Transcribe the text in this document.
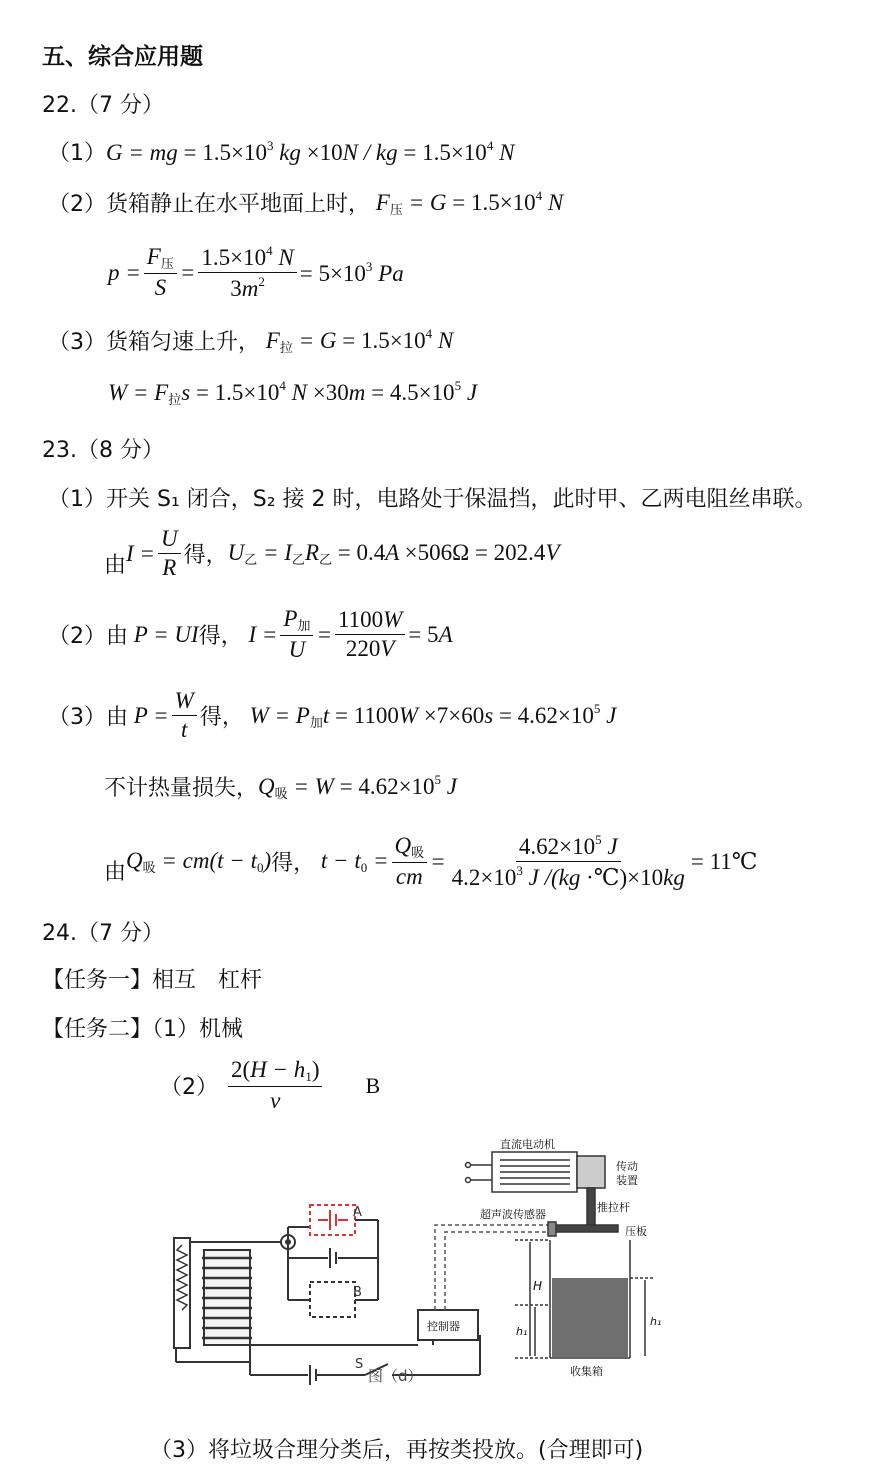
五、综合应用题
22.（7 分）
（1） G = mg = $1.5\times 10^3$ kg ×10N / kg = $1.5\times 10^4$ N
（2）货箱静止在水平地面上时， $F_压 = G = 1.5\times 10^4$ N
$p = \frac{F_压}{S} = \frac{1.5\times 10^4 N}{3m^2} = 5\times 10^3$ Pa
（3）货箱匀速上升， $F_拉 = G = 1.5\times 10^4$ N
$W = F_拉s = 1.5\times 10^4$ $N \times 30m = 4.5\times 10^5$ J
23.（8 分）
（1）开关 S₁ 闭合，S₂ 接 2 时，电路处于保温挡，此时甲、乙两电阻丝串联。
由 $I = \frac{U}{R}$ 得， $U_乙 = I_乙R_乙 = 0.4A \times 506\Omega = 202.4V$
（2）由 P = UI 得， $I = \frac{P_加}{U} = \frac{1100W}{220V} = 5A$
（3）由 $P = \frac{W}{t}$ 得， $W = P_加t = 1100W \times 7\times 60s = 4.62\times 10^5$ J
不计热量损失， $Q_吸 = W = 4.62\times 10^5$ J
由 $Q_吸 = cm(t - t_0)$ 得， $t - t_0 = \frac{Q_吸}{cm} = \frac{4.62\times 10^5 J}{4.2\times 10^3 J /(kg \cdot℃)\times 10kg}$ = 11℃
24.（7 分）
【任务一】相互　杠杆
【任务二】（1）机械
$(2) \frac{2(H - h_1)}{v}$ B
A
B
S
控制器
直流电动机
传动
装置
推拉杆
超声波传感器
压板
H
h₁
h₁
收集箱
图（d）
（3）将垃圾合理分类后，再按类投放。(合理即可)
